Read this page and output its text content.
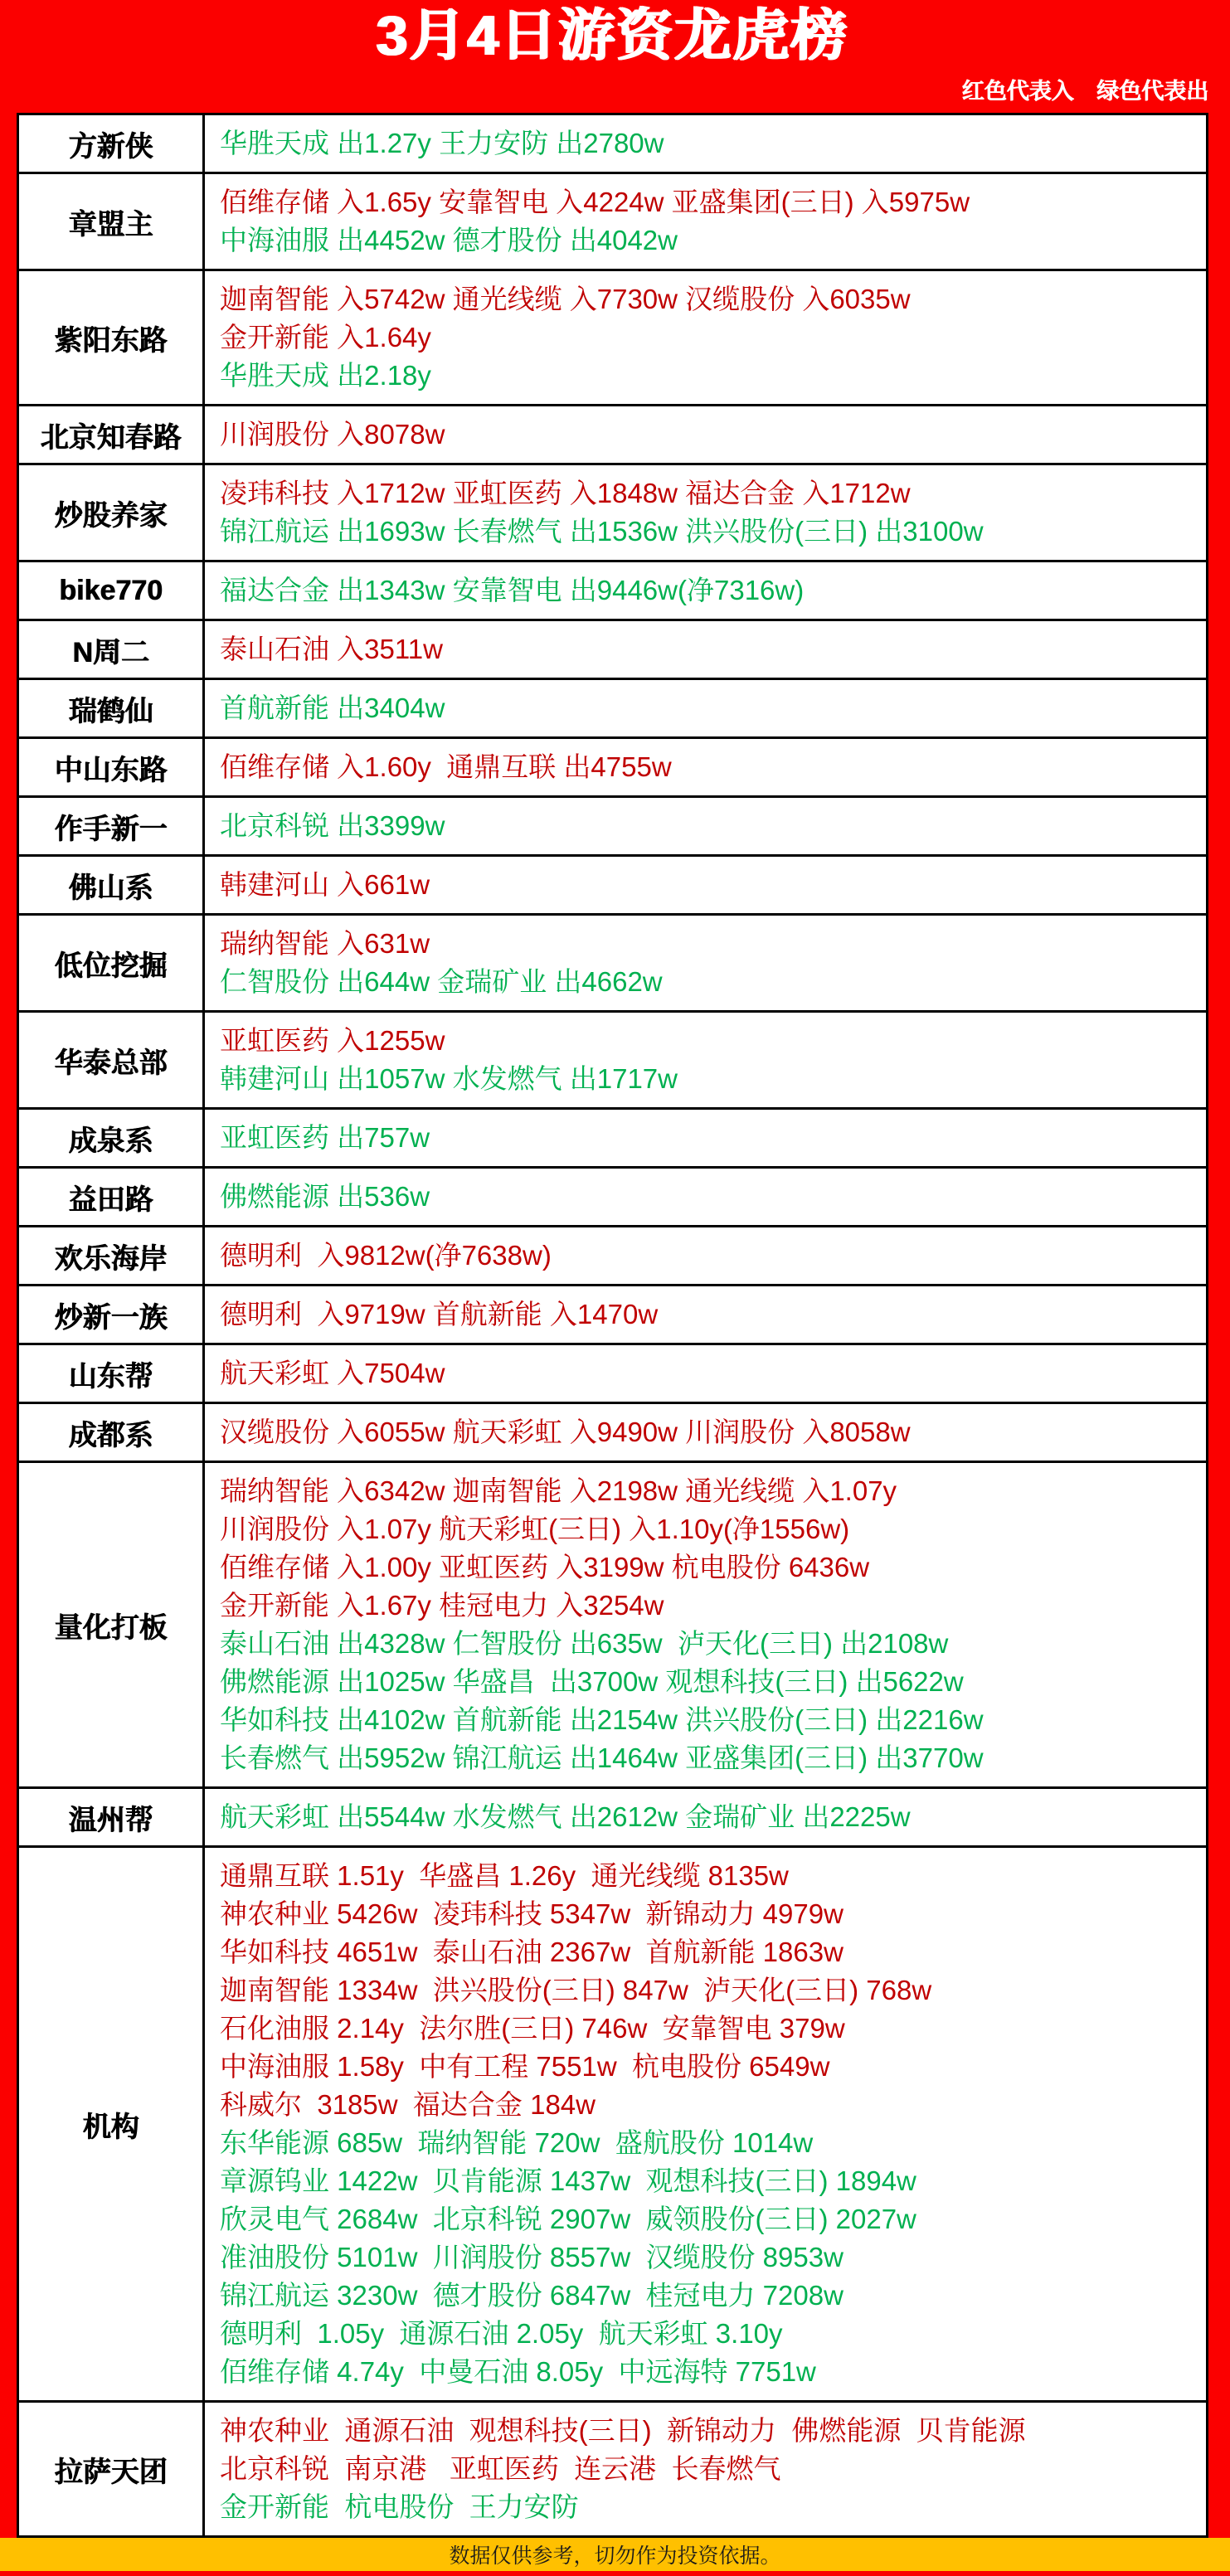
3月4日游资龙虎榜
红色代表入 绿色代表出
方新侠 华胜天成 出1.27y 王力安防 出2780w
章盟主
佰维存储 入1.65y 安靠智电 入4224w 亚盛集团(三日) 入5975w
中海油服 出4452w 德才股份 出4042w
紫阳东路
迦南智能 入5742w 通光线缆 入7730w 汉缆股份 入6035w
金开新能 入1.64y
华胜天成 出2.18y
北京知春路 川润股份 入8078w
炒股养家
凌玮科技 入1712w 亚虹医药 入1848w 福达合金 入1712w
锦江航运 出1693w 长春燃气 出1536w 洪兴股份(三日) 出3100w
bike770 福达合金 出1343w 安靠智电 出9446w(净7316w)
N周二	泰山石油 入3511w
瑞鹤仙 首航新能 出3404w
中山东路 佰维存储 入1.60y  通鼎互联 出4755w
作手新一 北京科锐 出3399w
佛山系 韩建河山 入661w
低位挖掘
瑞纳智能 入631w
仁智股份 出644w 金瑞矿业 出4662w
华泰总部
亚虹医药 入1255w
韩建河山 出1057w 水发燃气 出1717w
成泉系 亚虹医药 出757w
益田路 佛燃能源 出536w
欢乐海岸 德明利  入9812w(净7638w)
炒新一族 德明利  入9719w 首航新能 入1470w
山东帮 航天彩虹 入7504w
成都系 汉缆股份 入6055w 航天彩虹 入9490w 川润股份 入8058w
量化打板
瑞纳智能 入6342w 迦南智能 入2198w 通光线缆 入1.07y
川润股份 入1.07y 航天彩虹(三日) 入1.10y(净1556w)
佰维存储 入1.00y 亚虹医药 入3199w 杭电股份 6436w
金开新能 入1.67y 桂冠电力 入3254w
泰山石油 出4328w 仁智股份 出635w  泸天化(三日) 出2108w
佛燃能源 出1025w 华盛昌  出3700w 观想科技(三日) 出5622w
华如科技 出4102w 首航新能 出2154w 洪兴股份(三日) 出2216w
长春燃气 出5952w 锦江航运 出1464w 亚盛集团(三日) 出3770w
温州帮 航天彩虹 出5544w 水发燃气 出2612w 金瑞矿业 出2225w
机构
通鼎互联 1.51y  华盛昌 1.26y  通光线缆 8135w
神农种业 5426w  凌玮科技 5347w  新锦动力 4979w
华如科技 4651w  泰山石油 2367w  首航新能 1863w
迦南智能 1334w  洪兴股份(三日) 847w  泸天化(三日) 768w
石化油服 2.14y  法尔胜(三日) 746w  安靠智电 379w
中海油服 1.58y  中有工程 7551w  杭电股份 6549w
科威尔  3185w  福达合金 184w
东华能源 685w  瑞纳智能 720w  盛航股份 1014w
章源钨业 1422w  贝肯能源 1437w  观想科技(三日) 1894w
欣灵电气 2684w  北京科锐 2907w  威领股份(三日) 2027w
准油股份 5101w  川润股份 8557w  汉缆股份 8953w
锦江航运 3230w  德才股份 6847w  桂冠电力 7208w
德明利  1.05y  通源石油 2.05y  航天彩虹 3.10y
佰维存储 4.74y  中曼石油 8.05y  中远海特 7751w
拉萨天团
神农种业  通源石油  观想科技(三日)  新锦动力  佛燃能源  贝肯能源
北京科锐  南京港   亚虹医药  连云港  长春燃气
金开新能  杭电股份  王力安防
数据仅供参考，切勿作为投资依据。
